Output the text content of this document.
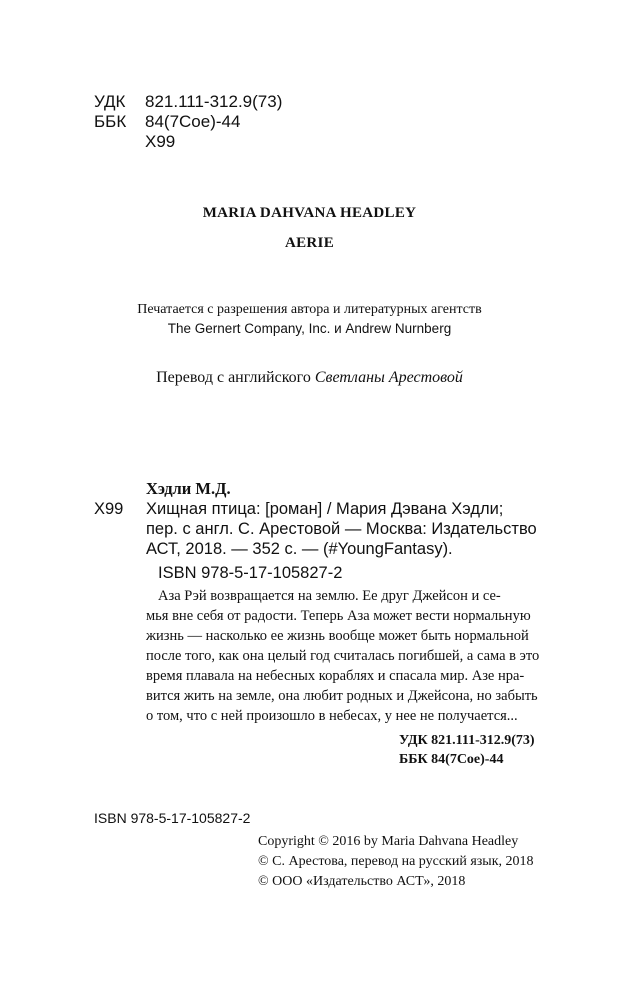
УДК 821.111-312.9(73)
ББК 84(7Сое)-44
Х99
MARIA DAHVANA HEADLEY
AERIE
Печатается с разрешения автора и литературных агентств
The Gernert Company, Inc. и Andrew Nurnberg
Перевод с английского Светланы Арестовой
Хэдли М.Д.
Х99 Хищная птица: [роман] / Мария Дэвана Хэдли;
пер. с англ. С. Арестовой — Москва: Издательство
АСТ, 2018. — 352 с. — (#YoungFantasy).
ISBN 978-5-17-105827-2
Аза Рэй возвращается на землю. Ее друг Джейсон и се-
мья вне себя от радости. Теперь Аза может вести нормальную
жизнь — насколько ее жизнь вообще может быть нормальной
после того, как она целый год считалась погибшей, а сама в это
время плавала на небесных кораблях и спасала мир. Азе нра-
вится жить на земле, она любит родных и Джейсона, но забыть
о том, что с ней произошло в небесах, у нее не получается...
УДК 821.111-312.9(73)
ББК 84(7Сое)-44
ISBN 978-5-17-105827-2
Copyright © 2016 by Maria Dahvana Headley
© С. Арестова, перевод на русский язык, 2018
© ООО «Издательство АСТ», 2018
